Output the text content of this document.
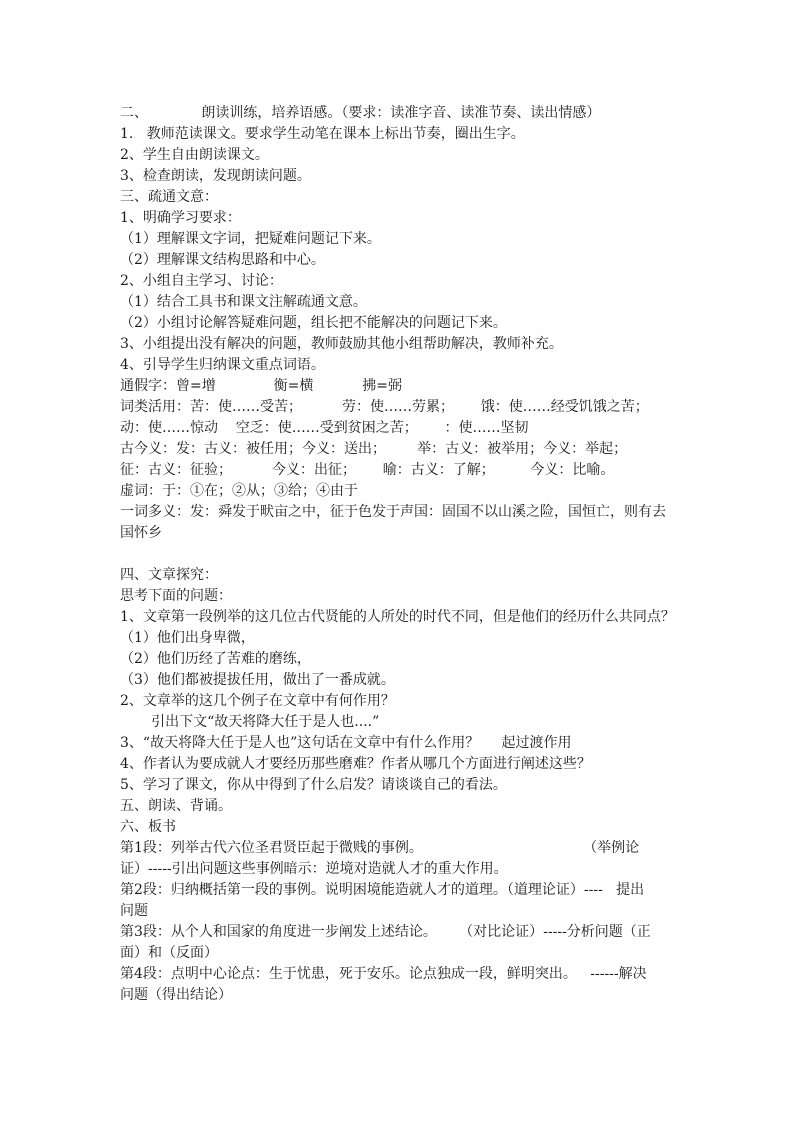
二、            朗读训练，培养语感。（要求：读准字音、读准节奏、读出情感）

1.   教师范读课文。要求学生动笔在课本上标出节奏，圈出生字。

2、学生自由朗读课文。

3、检查朗读，发现朗读问题。

三、疏通文意：

1、明确学习要求：

（1）理解课文字词，把疑难问题记下来。

（2）理解课文结构思路和中心。

2、小组自主学习、讨论：

（1）结合工具书和课文注解疏通文意。

（2）小组讨论解答疑难问题，组长把不能解决的问题记下来。

3、小组提出没有解决的问题，教师鼓励其他小组帮助解决，教师补充。

4、引导学生归纳课文重点词语。

通假字：曾=增             衡=横           拂=弼

词类活用：苦：使……受苦；         劳：使……劳累；      饿：使……经受饥饿之苦；

动：使……惊动    空乏：使……受到贫困之苦；      ：使……坚韧

古今义：发：古义：被任用；今义：送出；       举：古义：被举用；今义：举起；

征：古义：征验；         今义：出征；      喻：古义：了解；        今义：比喻。

虚词：于：①在；②从；③给；④由于

一词多义：发：舜发于畎亩之中，征于色发于声国：固国不以山溪之险，国恒亡，则有去

国怀乡

四、文章探究：

思考下面的问题：

1、文章第一段例举的这几位古代贤能的人所处的时代不同，但是他们的经历什么共同点？

（1）他们出身卑微，

（2）他们历经了苦难的磨练，

（3）他们都被提拔任用，做出了一番成就。

2、文章举的这几个例子在文章中有何作用？

引出下文“故天将降大任于是人也....”

3、“故天将降大任于是人也”这句话在文章中有什么作用？     起过渡作用

4、作者认为要成就人才要经历那些磨难？作者从哪几个方面进行阐述这些？

5、学习了课文，你从中得到了什么启发？请谈谈自己的看法。

五、朗读、背诵。

六、板书

第1段：列举古代六位圣君贤臣起于微贱的事例。                                    （举例论

证）-----引出问题这些事例暗示：逆境对造就人才的重大作用。

第2段：归纳概括第一段的事例。说明困境能造就人才的道理。（道理论证）----   提出

问题

第3段：从个人和国家的角度进一步阐发上述结论。     （对比论证）-----分析问题（正

面）和（反面）

第4段：点明中心论点：生于忧患，死于安乐。论点独成一段，鲜明突出。   ------解决

问题（得出结论）
